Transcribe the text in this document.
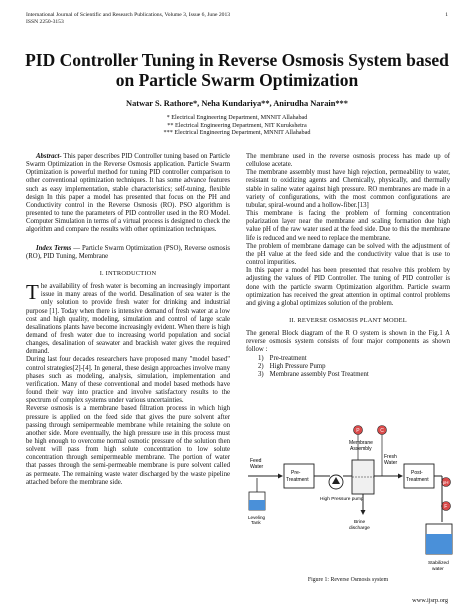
International Journal of Scientific and Research Publications, Volume 3, Issue 6, June 2013
ISSN 2250-3153
1
PID Controller Tuning in Reverse Osmosis System based
on Particle Swarm Optimization
Natwar S. Rathore*, Neha Kundariya**, Anirudha Narain***
* Electrical Engineering Department, MNNIT Allahabad
** Electrical Engineering Department, NIT Kurukshetra
*** Electrical Engineering Department, MNNIT Allahabad

Abstract- This paper describes PID Controller tuning based on Particle Swarm Optimization in the Reverse Osmosis application. Particle Swarm Optimization is powerful method for tuning PID controller comparison to other conventional optimization techniques. It has some advance features such as easy implementation, stable characteristics; self-tuning, flexible design In this paper a model has presented that focus on the PH and Conductivity control in the Reverse Osmosis (RO). PSO algorithm is presented to tune the parameters of PID controller used in the RO Model. Computer Simulation in terms of a virtual process is designed to check the algorithm and compare the results with other optimization techniques.

Index Terms — Particle Swarm Optimization (PSO), Reverse osmosis (RO), PID Tuning, Membrane

I. INTRODUCTION

The availability of fresh water is becoming an increasingly important issue in many areas of the world. Desalination of sea water is the only solution to provide fresh water for drinking and industrial purpose [1]. Today when there is intensive demand of fresh water at a low cost and high quality, modeling, simulation and control of large scale desalinations plants have become increasingly evident. When there is high demand of fresh water due to increasing world population and social changes, desalination of seawater and brackish water gives the required demand.

During last four decades researchers have proposed many "model based" control strategies[2]-[4]. In general, these design approaches involve many phases such as modeling, analysis, simulation, implementation and verification. Many of these conventional and model based methods have found their way into practice and involve satisfactory results to the spectrum of complex systems under various uncertainties.

Reverse osmosis is a membrane based filtration process in which high pressure is applied on the feed side that gives the pure solvent after passing through semipermeable membrane while retaining the solute on another side. More eventually, the high pressure use in this process must be high enough to overcome normal osmotic pressure of the solution then solvent will pass from high solute concentration to low solute concentration through semipermeable membrane. The portion of water that passes through the semi-permeable membrane is pure solvent called as permeate. The remaining waste water discharged by the waste pipeline attached before the membrane side.

The membrane used in the reverse osmosis process has made up of cellulose acetate.

The membrane assembly must have high rejection, permeability to water, resistant to oxidizing agents and Chemically, physically, and thermally stable in saline water against high pressure. RO membranes are made in a variety of configurations, with the most common configurations are tubular, spiral-wound and a hollow-fiber.[13]

This membrane is facing the problem of forming concentration polarization layer near the membrane and scaling formation due high value pH of the raw water used at the feed side. Due to this the membrane life is reduced and we need to replace the membrane.

The problem of membrane damage can be solved with the adjustment of the pH value at the feed side and the conductivity value that is use to control impurities.

In this paper a model has been presented that resolve this problem by adjusting the values of PID Controller. The tuning of PID controller is done with the particle swarm Optimization algorithm. Particle swarm optimization has received the great attention in optimal control problems and giving a global optimizes solution of the problem.

II. REVERSE OSMOSIS PLANT MODEL

The general Block diagram of the R O system is shown in the Fig.1 A reverse osmosis system consists of four major components as shown follow :

1) Pre-treatment
2) High Pressure Pump
3) Membrane assembly Post Treatment
Feed
Water
Leveling
Tank
Pre-
Treatment
High Pressure pump
Membrane
Assembly
P	C
Fresh
Water
Brine
discharge
Post-
Treatment	pH
F
Stabilized
water
Figure 1: Reverse Osmosis system
www.ijsrp.org
